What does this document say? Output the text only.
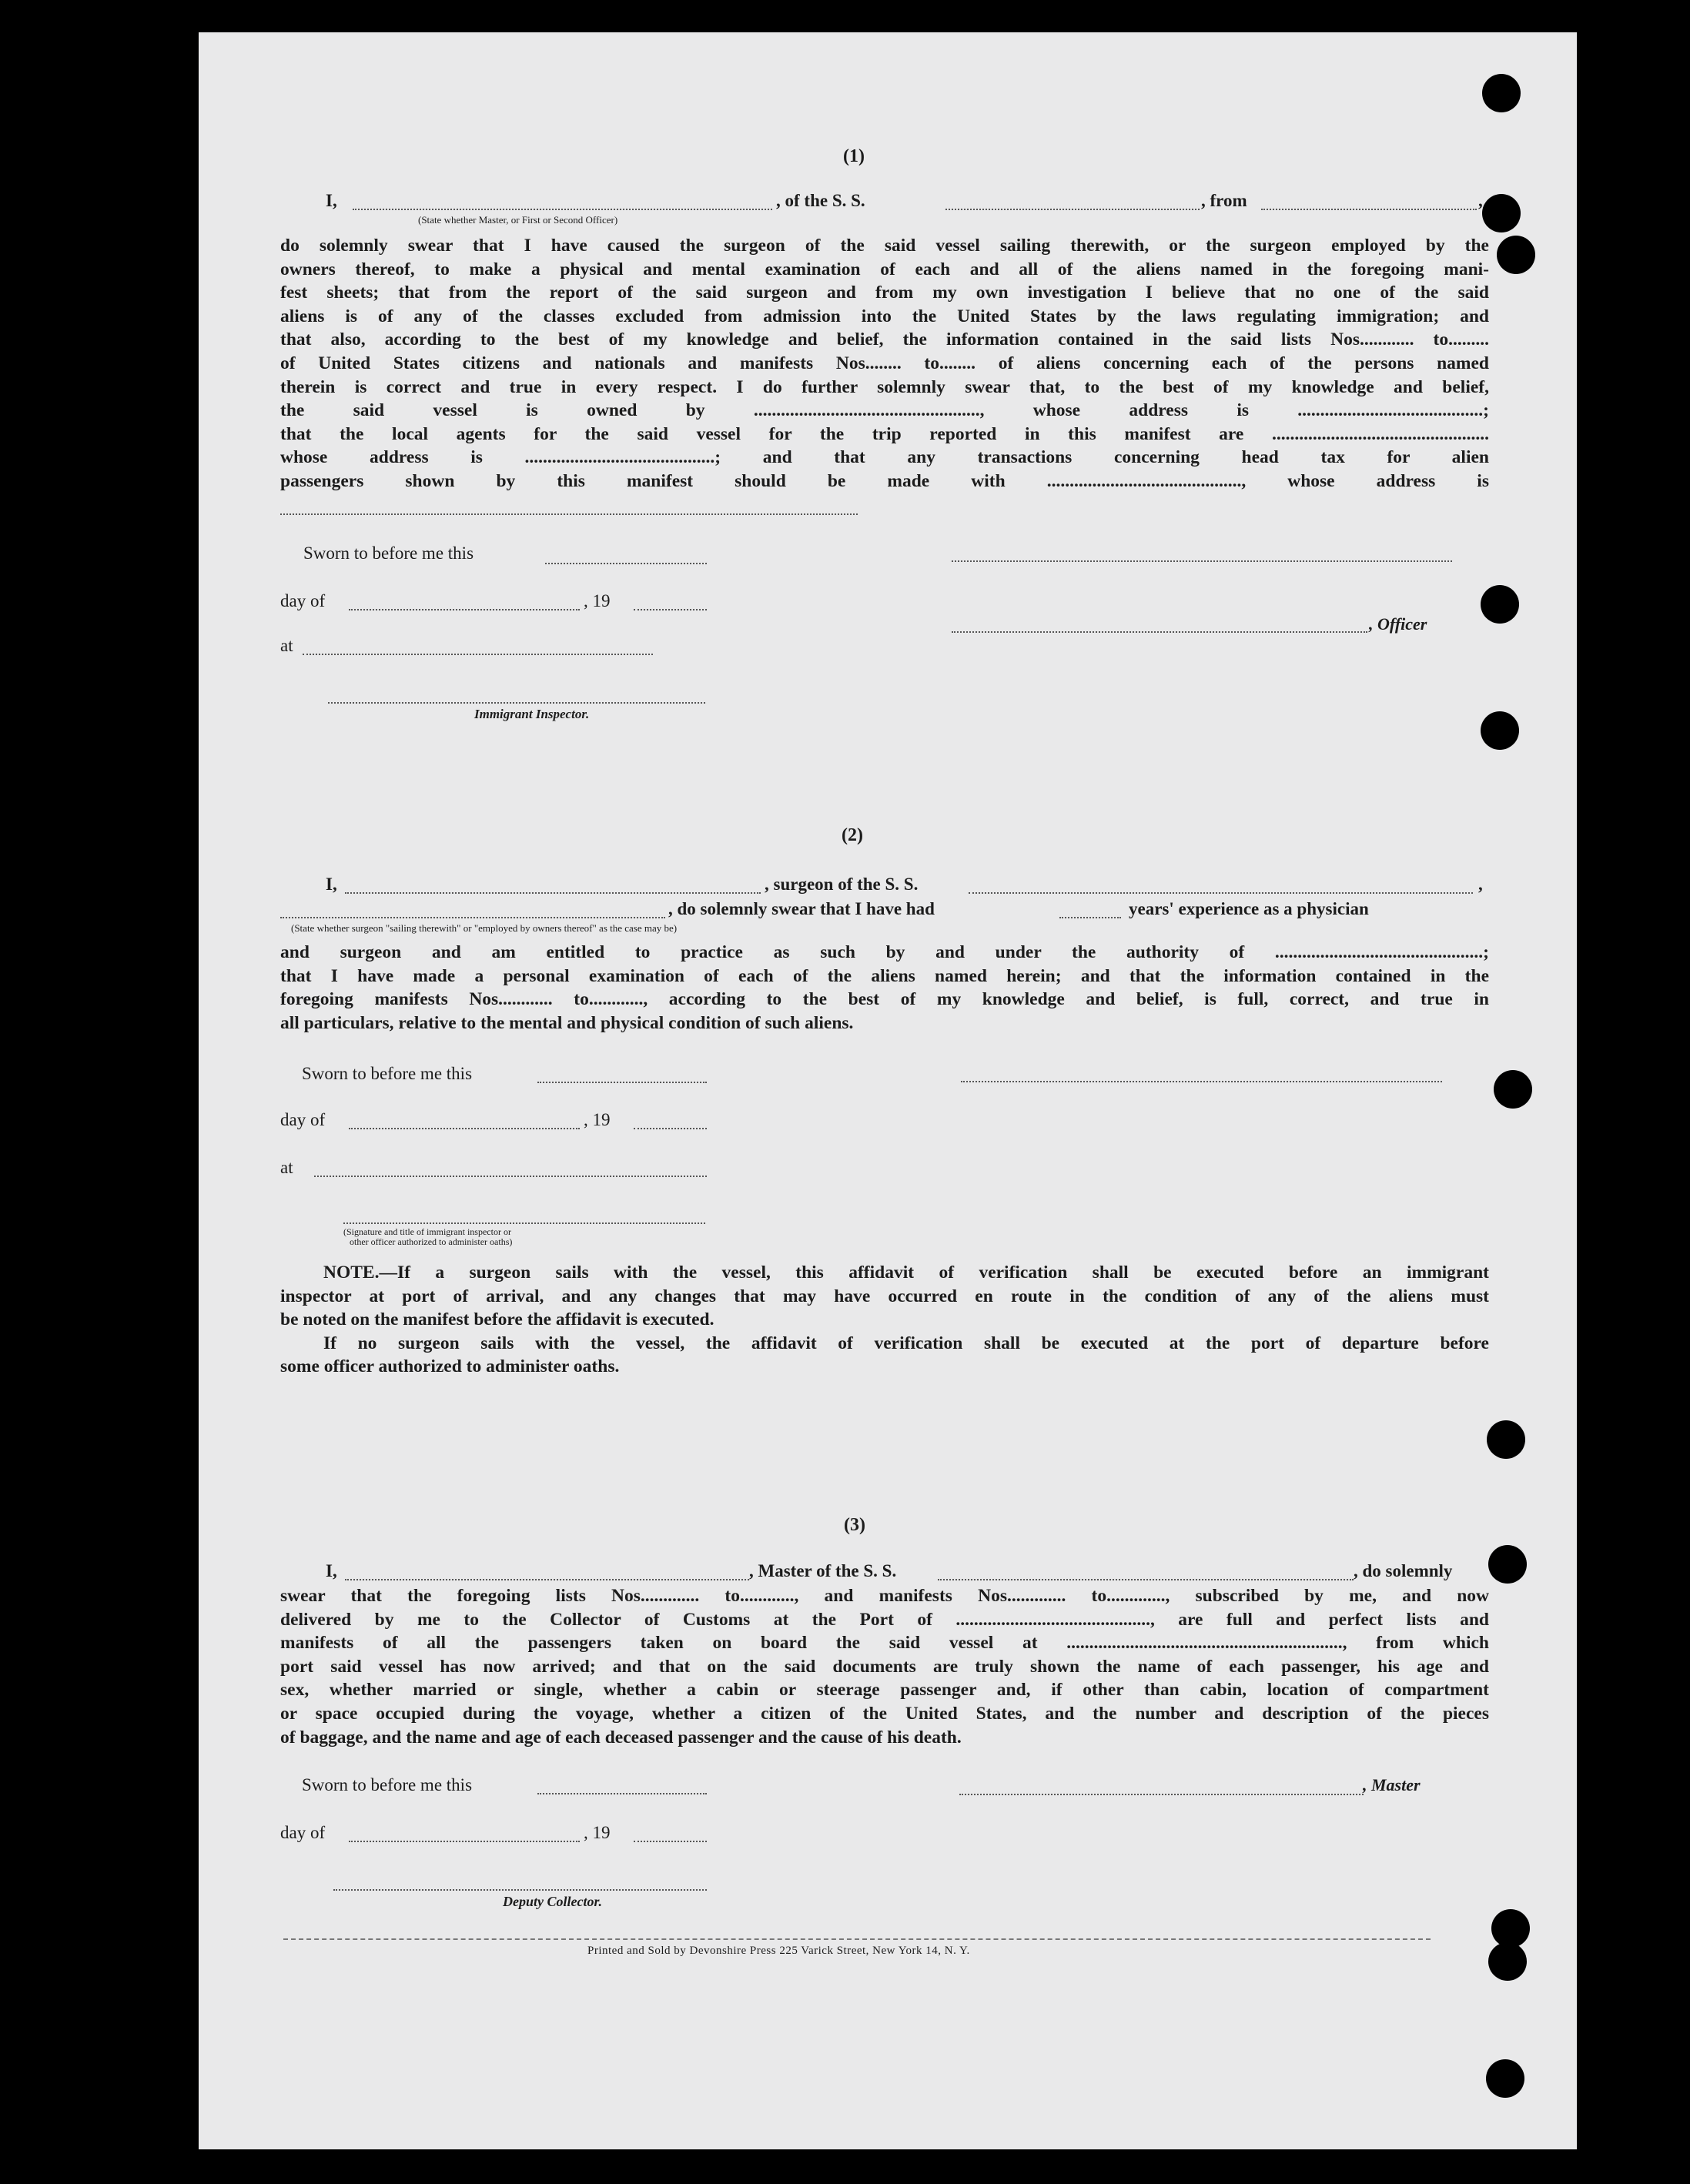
(1)
I,	, of the S. S.	, from	,
(State whether Master, or First or Second Officer)
do solemnly swear that I have caused the surgeon of the said vessel sailing therewith, or the surgeon employed by the
owners thereof, to make a physical and mental examination of each and all of the aliens named in the foregoing mani-
fest sheets; that from the report of the said surgeon and from my own investigation I believe that no one of the said
aliens is of any of the classes excluded from admission into the United States by the laws regulating immigration; and
that also, according to the best of my knowledge and belief, the information contained in the said lists Nos............ to.........
of United States citizens and nationals and manifests Nos........ to........ of aliens concerning each of the persons named
therein is correct and true in every respect. I do further solemnly swear that, to the best of my knowledge and belief,
the said vessel is owned by .................................................., whose address is .........................................;
that the local agents for the said vessel for the trip reported in this manifest are ................................................
whose address is ..........................................; and that any transactions concerning head tax for alien
passengers shown by this manifest should be made with ..........................................., whose address is
Sworn to before me this
day of	, 19
at
Immigrant Inspector.
, Officer
(2)
I,	, surgeon of the S. S.	,
, do solemnly swear that I have had	years' experience as a physician
(State whether surgeon "sailing therewith" or "employed by owners thereof" as the case may be)
and surgeon and am entitled to practice as such by and under the authority of ..............................................;
that I have made a personal examination of each of the aliens named herein; and that the information contained in the
foregoing manifests Nos............ to............, according to the best of my knowledge and belief, is full, correct, and true in
all particulars, relative to the mental and physical condition of such aliens.
Sworn to before me this
day of	, 19
at
(Signature and title of immigrant inspector or
other officer authorized to administer oaths)
NOTE.—If a surgeon sails with the vessel, this affidavit of verification shall be executed before an immigrant
inspector at port of arrival, and any changes that may have occurred en route in the condition of any of the aliens must
be noted on the manifest before the affidavit is executed.
If no surgeon sails with the vessel, the affidavit of verification shall be executed at the port of departure before
some officer authorized to administer oaths.
(3)
I,	, Master of the S. S.	, do solemnly
swear that the foregoing lists Nos............. to............, and manifests Nos............. to............., subscribed by me, and now
delivered by me to the Collector of Customs at the Port of ..........................................., are full and perfect lists and
manifests of all the passengers taken on board the said vessel at ............................................................., from which
port said vessel has now arrived; and that on the said documents are truly shown the name of each passenger, his age and
sex, whether married or single, whether a cabin or steerage passenger and, if other than cabin, location of compartment
or space occupied during the voyage, whether a citizen of the United States, and the number and description of the pieces
of baggage, and the name and age of each deceased passenger and the cause of his death.
Sworn to before me this
day of	, 19
Deputy Collector.
, Master
Printed and Sold by Devonshire Press 225 Varick Street, New York 14, N. Y.
